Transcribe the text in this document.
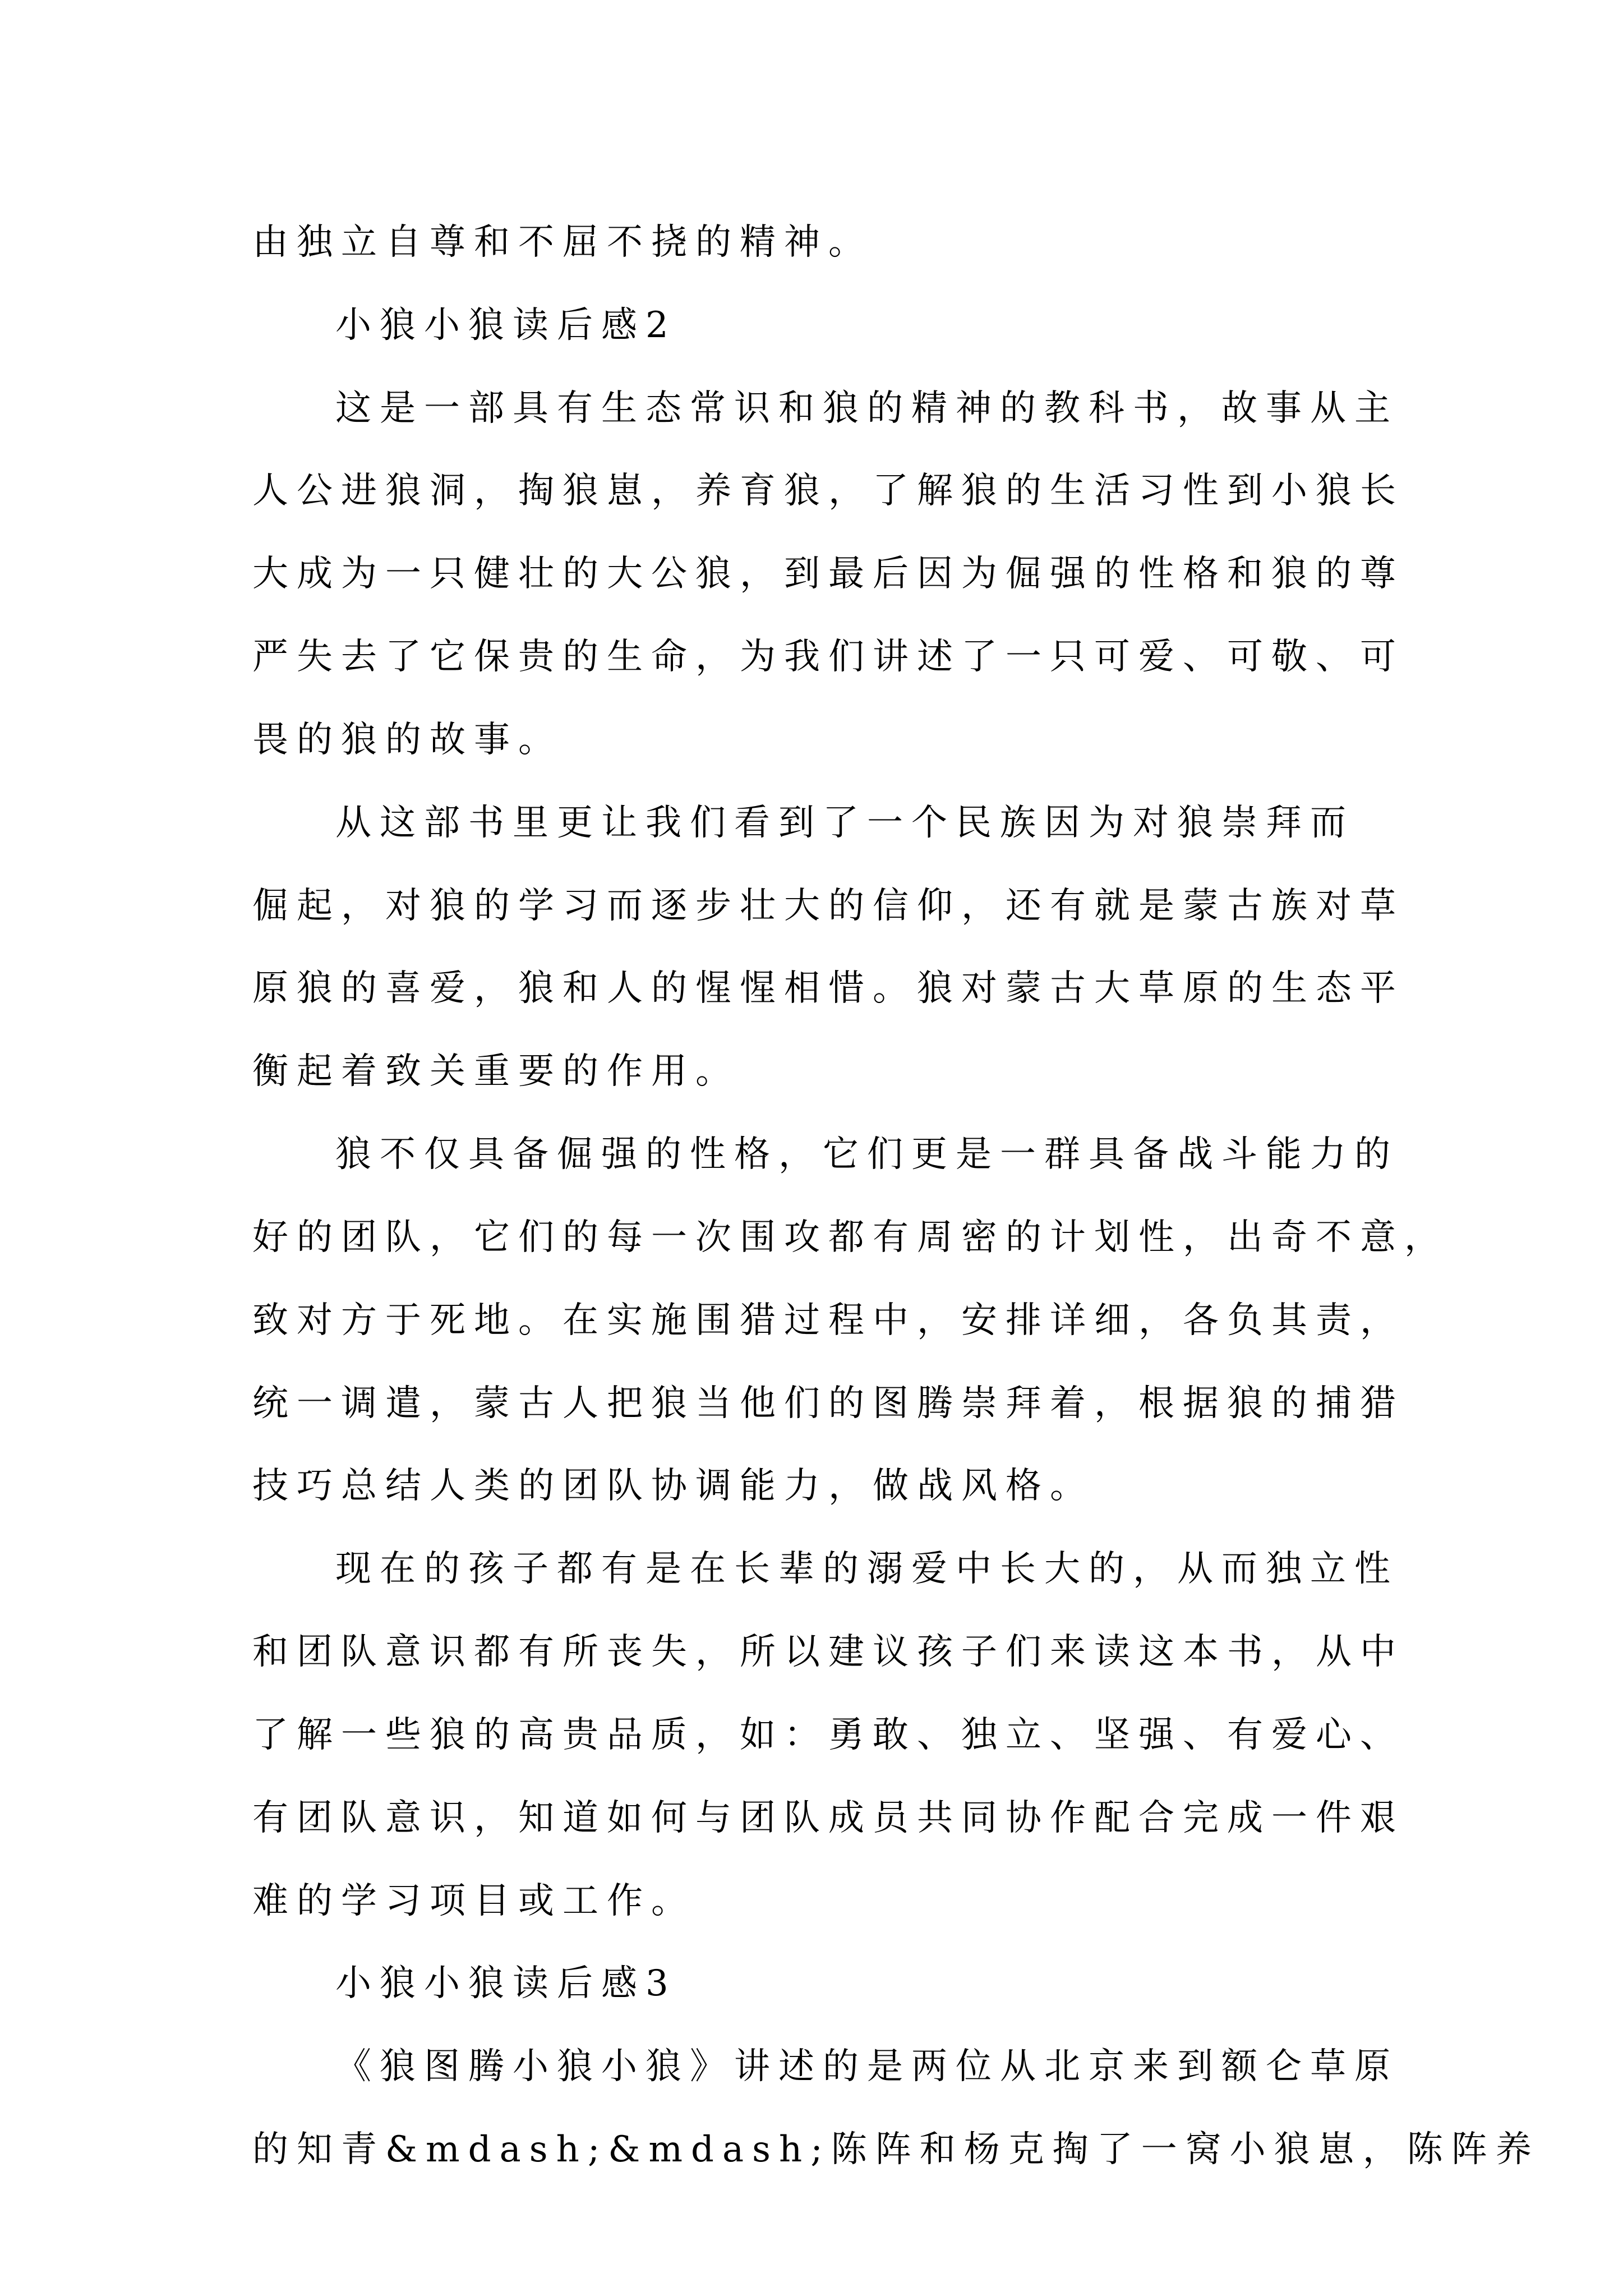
由独立自尊和不屈不挠的精神。
小狼小狼读后感2
这是一部具有生态常识和狼的精神的教科书，故事从主
人公进狼洞，掏狼崽，养育狼，了解狼的生活习性到小狼长
大成为一只健壮的大公狼，到最后因为倔强的性格和狼的尊
严失去了它保贵的生命，为我们讲述了一只可爱、可敬、可
畏的狼的故事。
从这部书里更让我们看到了一个民族因为对狼崇拜而
倔起，对狼的学习而逐步壮大的信仰，还有就是蒙古族对草
原狼的喜爱，狼和人的惺惺相惜。狼对蒙古大草原的生态平
衡起着致关重要的作用。
狼不仅具备倔强的性格，它们更是一群具备战斗能力的
好的团队，它们的每一次围攻都有周密的计划性，出奇不意，
致对方于死地。在实施围猎过程中，安排详细，各负其责，
统一调遣，蒙古人把狼当他们的图腾崇拜着，根据狼的捕猎
技巧总结人类的团队协调能力，做战风格。
现在的孩子都有是在长辈的溺爱中长大的，从而独立性
和团队意识都有所丧失，所以建议孩子们来读这本书，从中
了解一些狼的高贵品质，如：勇敢、独立、坚强、有爱心、
有团队意识，知道如何与团队成员共同协作配合完成一件艰
难的学习项目或工作。
小狼小狼读后感3
《狼图腾小狼小狼》讲述的是两位从北京来到额仑草原
的知青&mdash;&mdash;陈阵和杨克掏了一窝小狼崽，陈阵养
